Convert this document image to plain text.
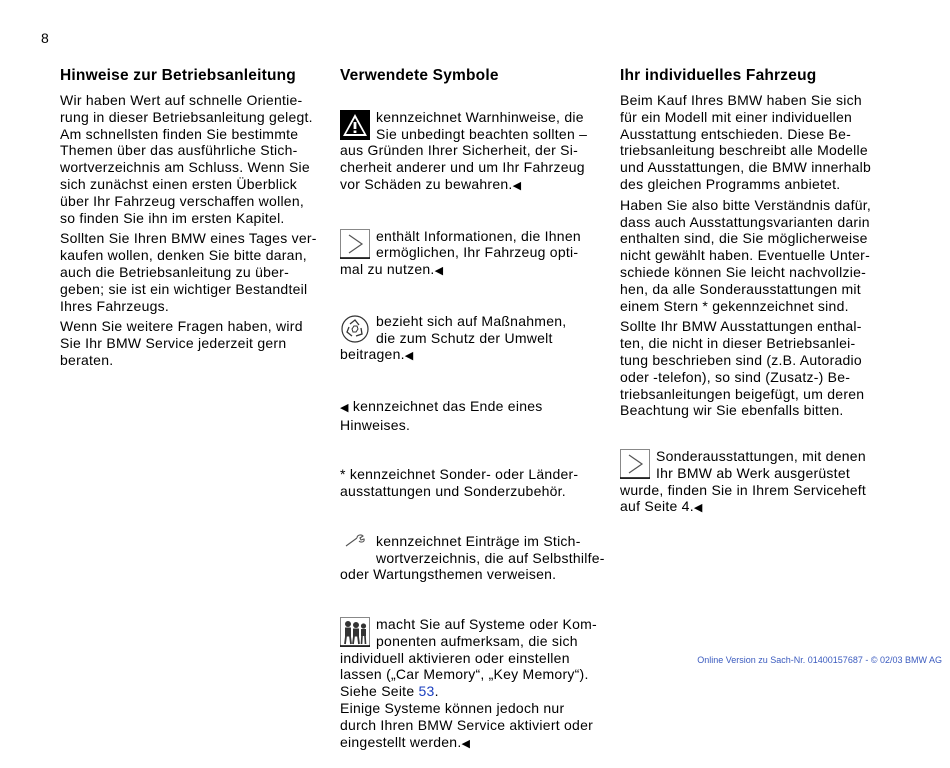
8
Hinweise zur Betriebsanleitung

Wir haben Wert auf schnelle Orientie-
rung in dieser Betriebsanleitung gelegt.
Am schnellsten finden Sie bestimmte
Themen über das ausführliche Stich-
wortverzeichnis am Schluss. Wenn Sie
sich zunächst einen ersten Überblick
über Ihr Fahrzeug verschaffen wollen,
so finden Sie ihn im ersten Kapitel.

Sollten Sie Ihren BMW eines Tages ver-
kaufen wollen, denken Sie bitte daran,
auch die Betriebsanleitung zu über-
geben; sie ist ein wichtiger Bestandteil
Ihres Fahrzeugs.

Wenn Sie weitere Fragen haben, wird
Sie Ihr BMW Service jederzeit gern
beraten.

Verwendete Symbole

kennzeichnet Warnhinweise, die
Sie unbedingt beachten sollten –
aus Gründen Ihrer Sicherheit, der Si-
cherheit anderer und um Ihr Fahrzeug
vor Schäden zu bewahren.◀

enthält Informationen, die Ihnen
ermöglichen, Ihr Fahrzeug opti-
mal zu nutzen.◀

bezieht sich auf Maßnahmen,
die zum Schutz der Umwelt
beitragen.◀

◀ kennzeichnet das Ende eines
Hinweises.

* kennzeichnet Sonder- oder Länder-
ausstattungen und Sonderzubehör.

kennzeichnet Einträge im Stich-
wortverzeichnis, die auf Selbsthilfe-
oder Wartungsthemen verweisen.

macht Sie auf Systeme oder Kom-
ponenten aufmerksam, die sich
individuell aktivieren oder einstellen
lassen („Car Memory“, „Key Memory“).
Siehe Seite 53.
Einige Systeme können jedoch nur
durch Ihren BMW Service aktiviert oder
eingestellt werden.◀

Ihr individuelles Fahrzeug

Beim Kauf Ihres BMW haben Sie sich
für ein Modell mit einer individuellen
Ausstattung entschieden. Diese Be-
triebsanleitung beschreibt alle Modelle
und Ausstattungen, die BMW innerhalb
des gleichen Programms anbietet.

Haben Sie also bitte Verständnis dafür,
dass auch Ausstattungsvarianten darin
enthalten sind, die Sie möglicherweise
nicht gewählt haben. Eventuelle Unter-
schiede können Sie leicht nachvollzie-
hen, da alle Sonderausstattungen mit
einem Stern * gekennzeichnet sind.

Sollte Ihr BMW Ausstattungen enthal-
ten, die nicht in dieser Betriebsanlei-
tung beschrieben sind (z.B. Autoradio
oder -telefon), so sind (Zusatz-) Be-
triebsanleitungen beigefügt, um deren
Beachtung wir Sie ebenfalls bitten.

Sonderausstattungen, mit denen
Ihr BMW ab Werk ausgerüstet
wurde, finden Sie in Ihrem Serviceheft
auf Seite 4.◀

Online Version zu Sach-Nr. 01400157687 - © 02/03 BMW AG
